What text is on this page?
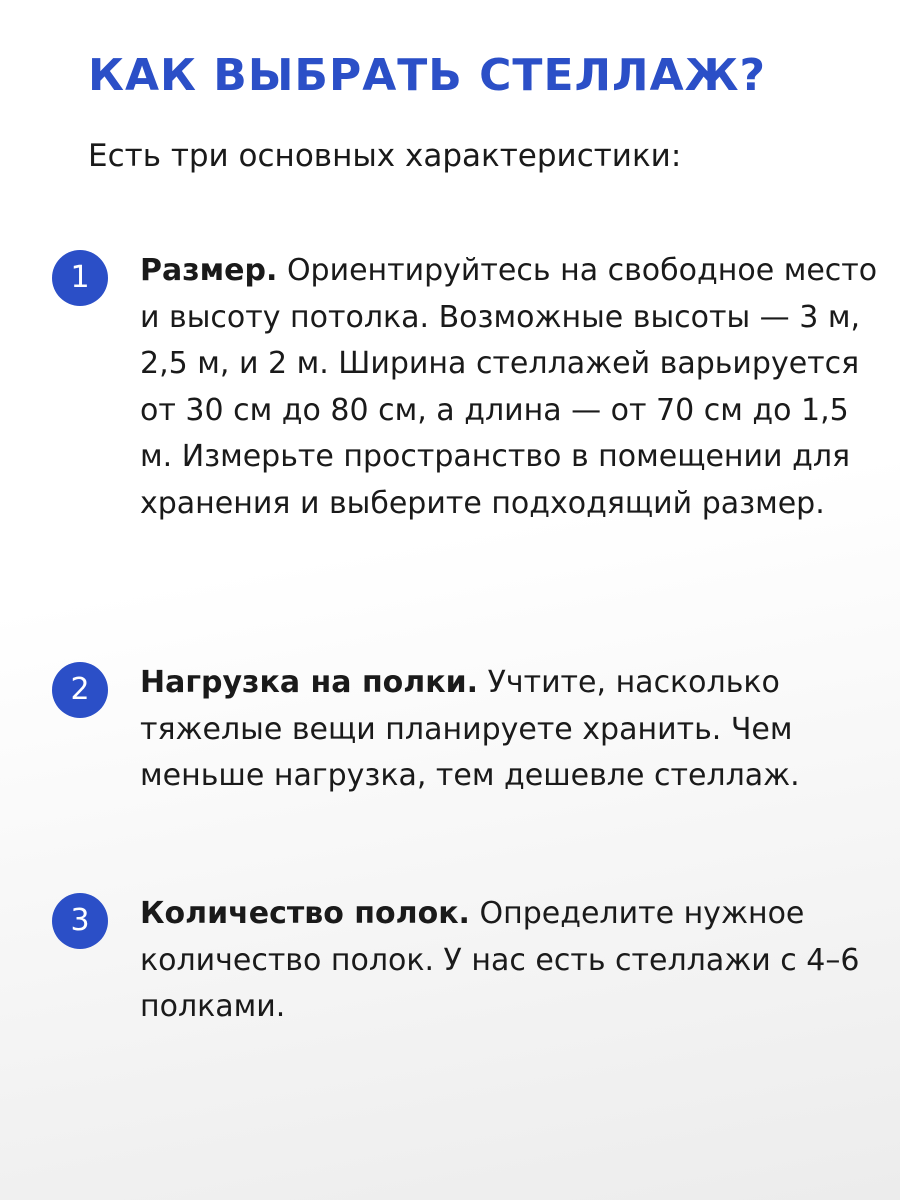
КАК ВЫБРАТЬ СТЕЛЛАЖ?
Есть три основных характеристики:
1	Размер. Ориентируйтесь на свободное место и высоту потолка. Возможные высоты — 3 м, 2,5 м, и 2 м. Ширина стеллажей варьируется от 30 см до 80 см, а длина — от 70 см до 1,5 м. Измерьте пространство в помещении для хранения и выберите подходящий размер.
2	Нагрузка на полки. Учтите, насколько тяжелые вещи планируете хранить. Чем меньше нагрузка, тем дешевле стеллаж.
3	Количество полок. Определите нужное количество полок. У нас есть стеллажи с 4–6 полками.
